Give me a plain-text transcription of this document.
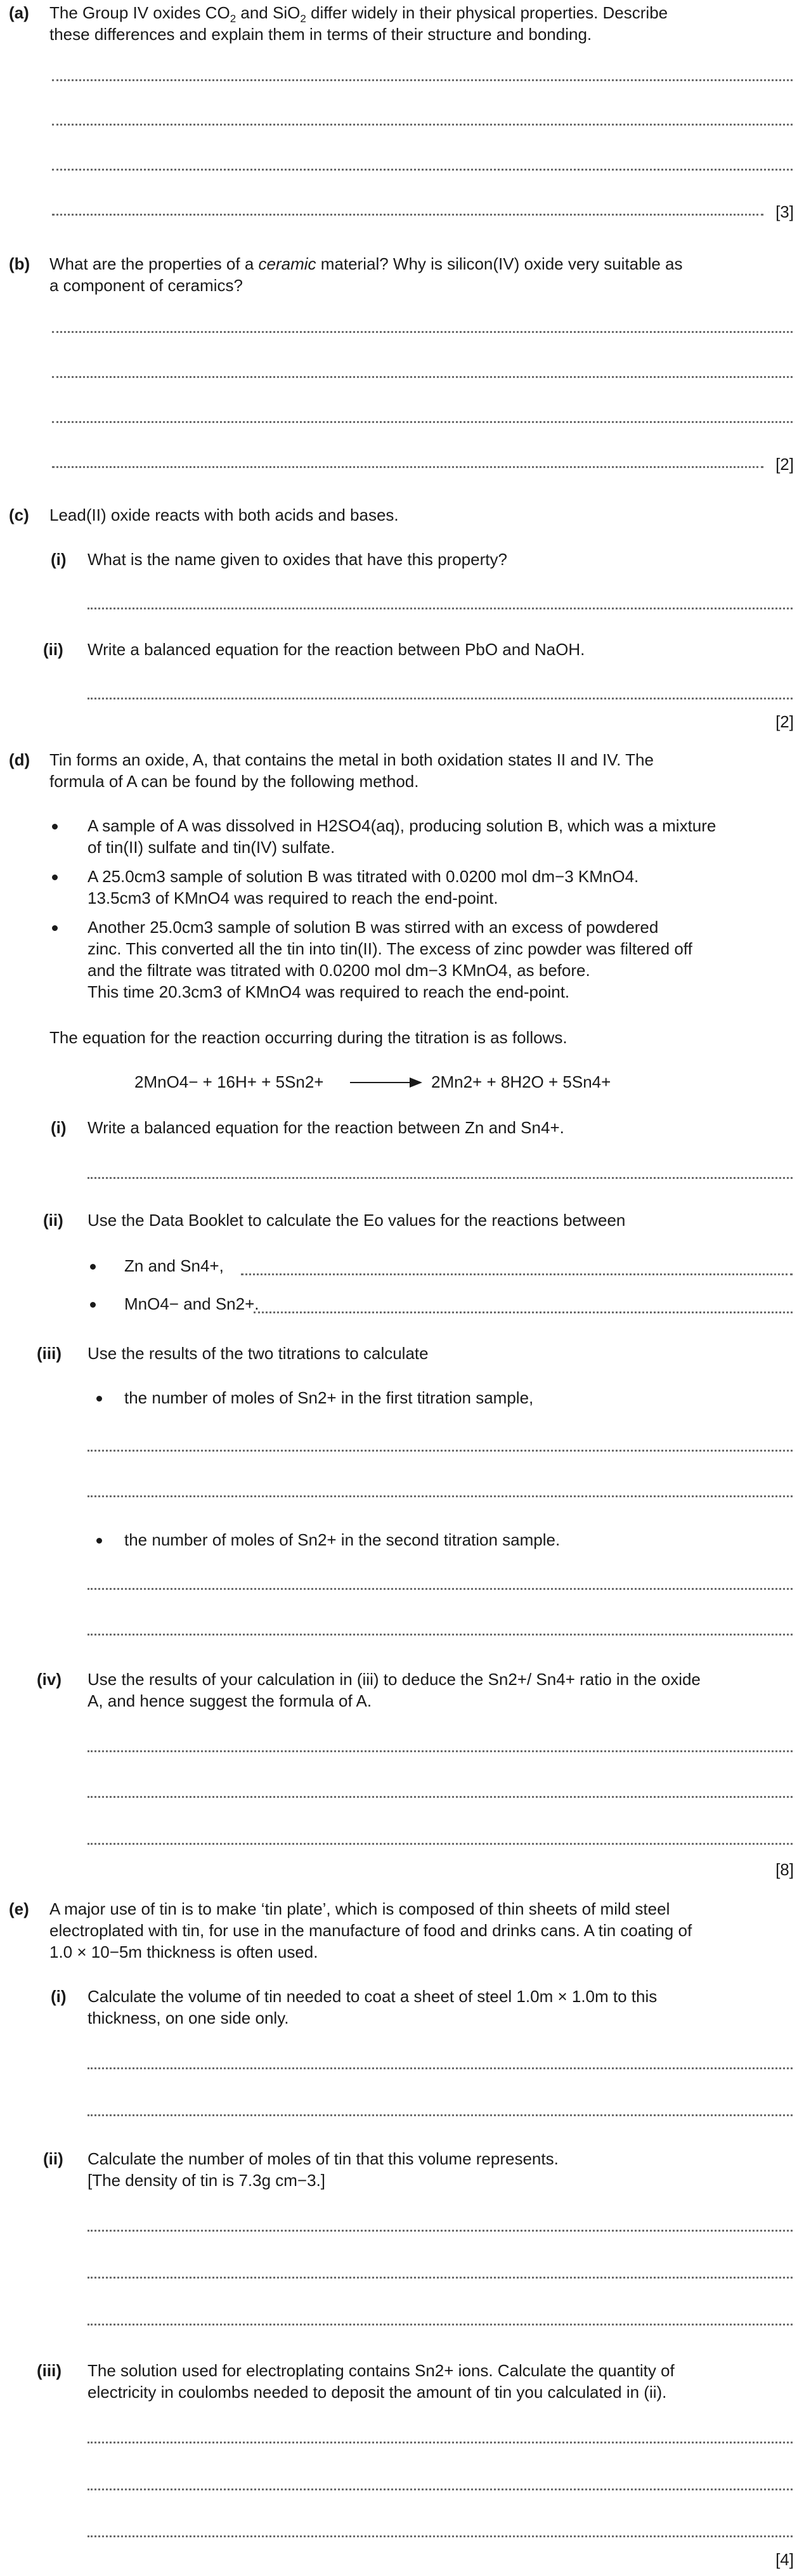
(a) The Group IV oxides $CO_2$ and SiO$_2$ differ widely in their physical properties. Describe
these differences and explain them in terms of their structure and bonding.
[3]
(b) What are the properties of a ceramic material? Why is silicon(IV) oxide very suitable as
a component of ceramics?
[2]
(c) Lead(II) oxide reacts with both acids and bases.
(i) What is the name given to oxides that have this property?
(ii) Write a balanced equation for the reaction between PbO and NaOH.
[2]
(d) Tin forms an oxide, A, that contains the metal in both oxidation states II and IV. The
formula of A can be found by the following method.
A sample of A was dissolved in H2SO4(aq), producing solution B, which was a mixture
of tin(II) sulfate and tin(IV) sulfate.
A 25.0cm3 sample of solution B was titrated with 0.0200 mol dm−3 KMnO4.
13.5cm3 of KMnO4 was required to reach the end-point.
Another 25.0cm3 sample of solution B was stirred with an excess of powdered
zinc. This converted all the tin into tin(II). The excess of zinc powder was filtered off
and the filtrate was titrated with 0.0200 mol dm−3 KMnO4, as before.
This time 20.3cm3 of KMnO4 was required to reach the end-point.
The equation for the reaction occurring during the titration is as follows.
2MnO4− + 16H+ + 5Sn2+	2Mn2+ + 8H2O + 5Sn4+
(i) Write a balanced equation for the reaction between Zn and Sn4+.
(ii) Use the Data Booklet to calculate the Eo values for the reactions between
Zn and Sn4+,
MnO4− and Sn2+.
(iii) Use the results of the two titrations to calculate
the number of moles of Sn2+ in the first titration sample,
the number of moles of Sn2+ in the second titration sample.
(iv) Use the results of your calculation in (iii) to deduce the Sn2+/ Sn4+ ratio in the oxide
A, and hence suggest the formula of A.
[8]
(e) A major use of tin is to make ‘tin plate’, which is composed of thin sheets of mild steel
electroplated with tin, for use in the manufacture of food and drinks cans. A tin coating of
1.0 × 10−5m thickness is often used.
(i) Calculate the volume of tin needed to coat a sheet of steel 1.0m × 1.0m to this
thickness, on one side only.
(ii) Calculate the number of moles of tin that this volume represents.
[The density of tin is 7.3g cm−3.]
(iii) The solution used for electroplating contains Sn2+ ions. Calculate the quantity of
electricity in coulombs needed to deposit the amount of tin you calculated in (ii).
[4]
